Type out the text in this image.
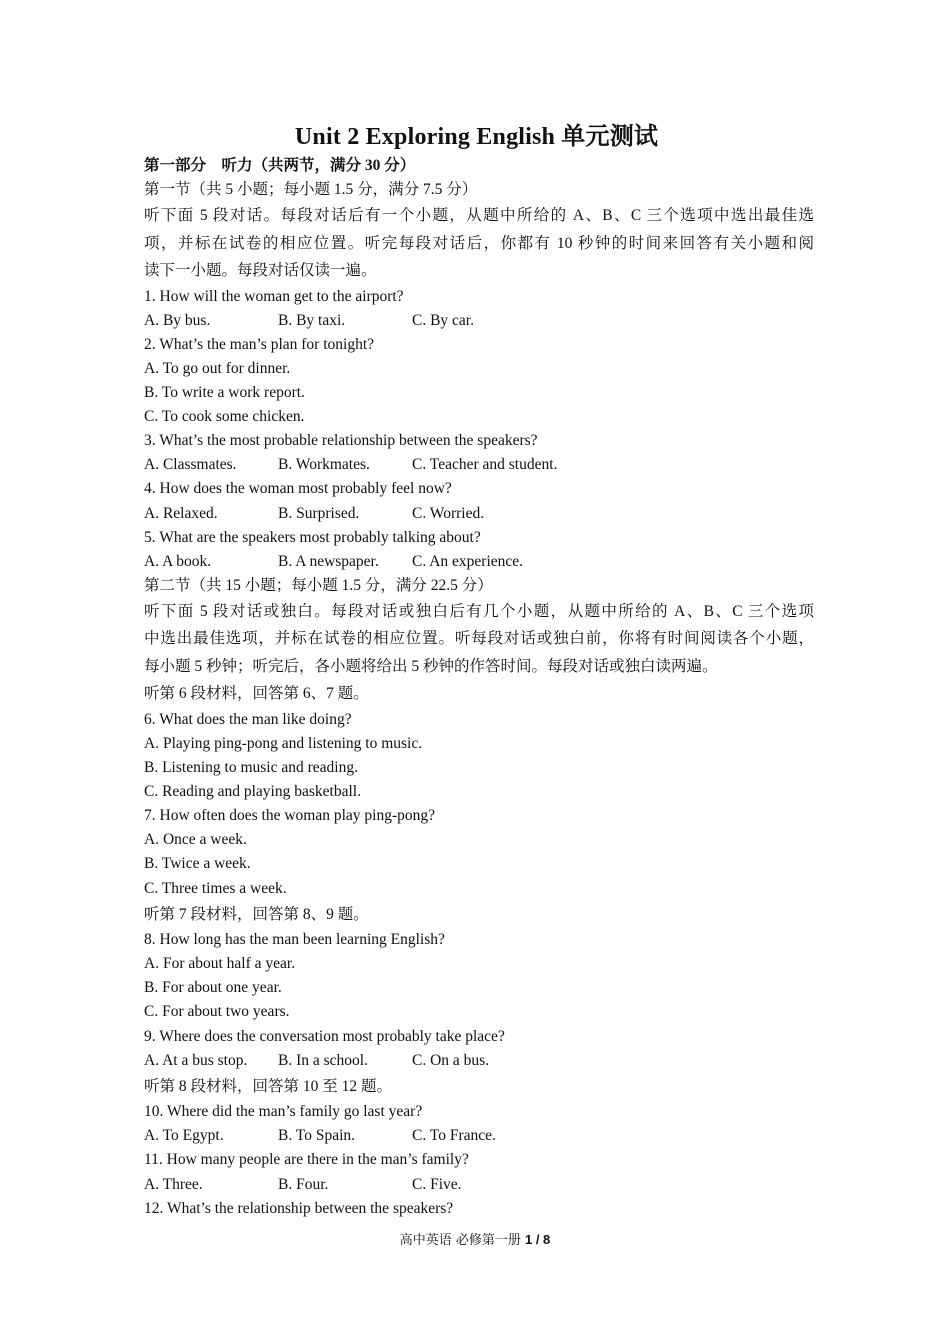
Unit 2 Exploring English 单元测试
第一部分　听力（共两节，满分 30 分）
第一节（共 5 小题；每小题 1.5 分，满分 7.5 分）
听下面 5 段对话。每段对话后有一个小题，从题中所给的 A、B、C 三个选项中选出最佳选
项，并标在试卷的相应位置。听完每段对话后，你都有 10 秒钟的时间来回答有关小题和阅
读下一小题。每段对话仅读一遍。
1. How will the woman get to the airport?
A. By bus.	B. By taxi.	C. By car.
2. What’s the man’s plan for tonight?
A. To go out for dinner.
B. To write a work report.
C. To cook some chicken.
3. What’s the most probable relationship between the speakers?
A. Classmates.	B. Workmates.	C. Teacher and student.
4. How does the woman most probably feel now?
A. Relaxed.	B. Surprised.	C. Worried.
5. What are the speakers most probably talking about?
A. A book.	B. A newspaper.	C. An experience.
第二节（共 15 小题；每小题 1.5 分，满分 22.5 分）
听下面 5 段对话或独白。每段对话或独白后有几个小题，从题中所给的 A、B、C 三个选项
中选出最佳选项，并标在试卷的相应位置。听每段对话或独白前，你将有时间阅读各个小题，
每小题 5 秒钟；听完后，各小题将给出 5 秒钟的作答时间。每段对话或独白读两遍。
听第 6 段材料，回答第 6、7 题。
6. What does the man like doing?
A. Playing ping-pong and listening to music.
B. Listening to music and reading.
C. Reading and playing basketball.
7. How often does the woman play ping-pong?
A. Once a week.
B. Twice a week.
C. Three times a week.
听第 7 段材料，回答第 8、9 题。
8. How long has the man been learning English?
A. For about half a year.
B. For about one year.
C. For about two years.
9. Where does the conversation most probably take place?
A. At a bus stop.	B. In a school.	C. On a bus.
听第 8 段材料，回答第 10 至 12 题。
10. Where did the man’s family go last year?
A. To Egypt.	B. To Spain.	C. To France.
11. How many people are there in the man’s family?
A. Three.	B. Four.	C. Five.
12. What’s the relationship between the speakers?
高中英语 必修第一册 1 / 8
